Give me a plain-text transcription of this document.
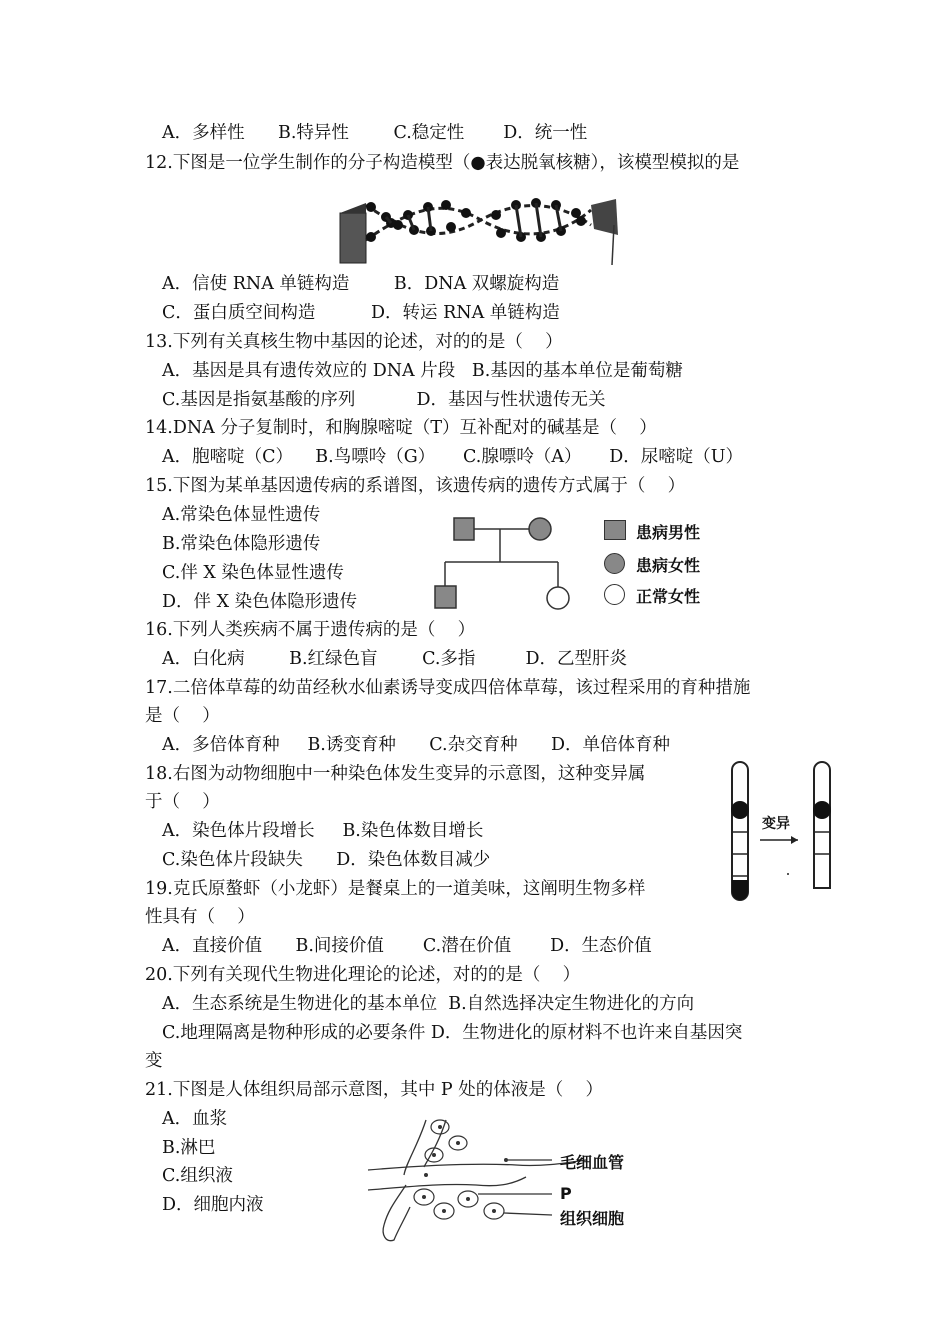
A．多样性      B.特异性        C.稳定性       D．统一性
12.下图是一位学生制作的分子构造模型（●表达脱氧核糖），该模型模拟的是
A．信使 RNA 单链构造        B．DNA 双螺旋构造
C．蛋白质空间构造          D．转运 RNA 单链构造
13.下列有关真核生物中基因的论述，对的的是（    ）
A．基因是具有遗传效应的 DNA 片段   B.基因的基本单位是葡萄糖
C.基因是指氨基酸的序列           D．基因与性状遗传无关
14.DNA 分子复制时，和胸腺嘧啶（T）互补配对的碱基是（    ）
A．胞嘧啶（C）    B.鸟嘌呤（G）     C.腺嘌呤（A）     D．尿嘧啶（U）
15.下图为某单基因遗传病的系谱图，该遗传病的遗传方式属于（    ）
A.常染色体显性遗传
B.常染色体隐形遗传
C.伴 X 染色体显性遗传
D．伴 X 染色体隐形遗传
患病男性
患病女性
正常女性
16.下列人类疾病不属于遗传病的是（    ）
A．白化病        B.红绿色盲        C.多指         D．乙型肝炎
17.二倍体草莓的幼苗经秋水仙素诱导变成四倍体草莓，该过程采用的育种措施
是（    ）
A．多倍体育种     B.诱变育种      C.杂交育种      D．单倍体育种
18.右图为动物细胞中一种染色体发生变异的示意图，这种变异属
于（    ）
A．染色体片段增长     B.染色体数目增长
C.染色体片段缺失      D．染色体数目减少
变异
19.克氏原螯虾（小龙虾）是餐桌上的一道美味，这阐明生物多样
性具有（    ）
A．直接价值      B.间接价值       C.潜在价值       D．生态价值
20.下列有关现代生物进化理论的论述，对的的是（    ）
A．生态系统是生物进化的基本单位  B.自然选择决定生物进化的方向
C.地理隔离是物种形成的必要条件 D．生物进化的原材料不也许来自基因突
变
21.下图是人体组织局部示意图，其中 P 处的体液是（    ）
A．血浆
B.淋巴
C.组织液
D．细胞内液
毛细血管
P
组织细胞
